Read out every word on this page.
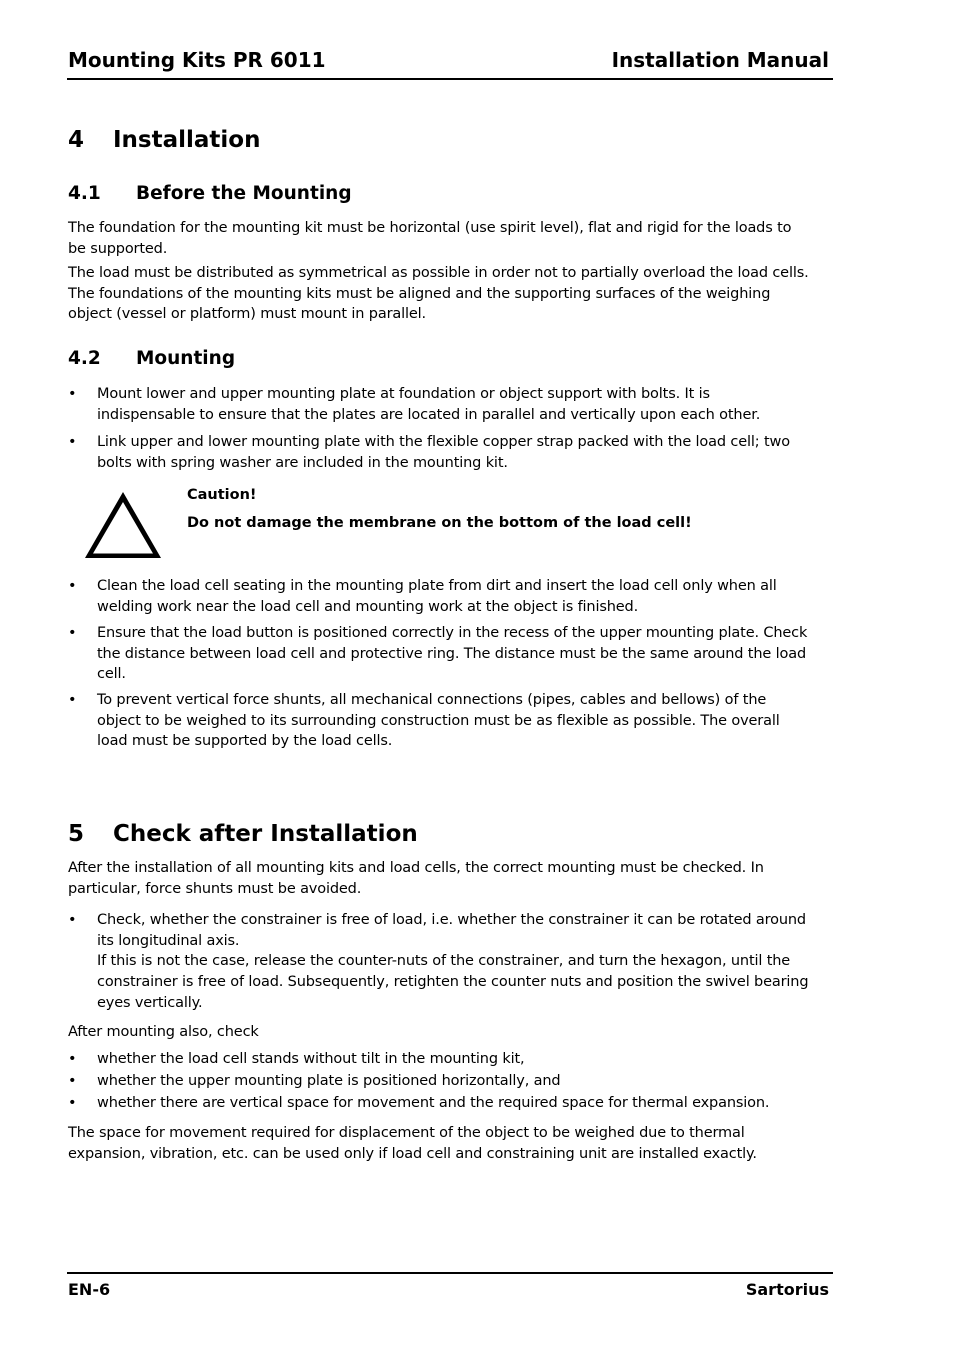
Mounting Kits PR 6011	Installation Manual
4 Installation
4.1 Before the Mounting
The foundation for the mounting kit must be horizontal (use spirit level), flat and rigid for the loads to be supported.
The load must be distributed as symmetrical as possible in order not to partially overload the load cells. The foundations of the mounting kits must be aligned and the supporting surfaces of the weighing object (vessel or platform) must mount in parallel.
4.2 Mounting
• Mount lower and upper mounting plate at foundation or object support with bolts. It is indispensable to ensure that the plates are located in parallel and vertically upon each other.
• Link upper and lower mounting plate with the flexible copper strap packed with the load cell; two bolts with spring washer are included in the mounting kit.
Caution!
Do not damage the membrane on the bottom of the load cell!
• Clean the load cell seating in the mounting plate from dirt and insert the load cell only when all welding work near the load cell and mounting work at the object is finished.
• Ensure that the load button is positioned correctly in the recess of the upper mounting plate. Check the distance between load cell and protective ring. The distance must be the same around the load cell.
• To prevent vertical force shunts, all mechanical connections (pipes, cables and bellows) of the object to be weighed to its surrounding construction must be as flexible as possible. The overall load must be supported by the load cells.
5 Check after Installation
After the installation of all mounting kits and load cells, the correct mounting must be checked. In particular, force shunts must be avoided.
• Check, whether the constrainer is free of load, i.e. whether the constrainer it can be rotated around its longitudinal axis.
If this is not the case, release the counter-nuts of the constrainer, and turn the hexagon, until the constrainer is free of load. Subsequently, retighten the counter nuts and position the swivel bearing eyes vertically.
After mounting also, check
• whether the load cell stands without tilt in the mounting kit,
• whether the upper mounting plate is positioned horizontally, and
• whether there are vertical space for movement and the required space for thermal expansion.
The space for movement required for displacement of the object to be weighed due to thermal expansion, vibration, etc. can be used only if load cell and constraining unit are installed exactly.
EN-6	Sartorius
